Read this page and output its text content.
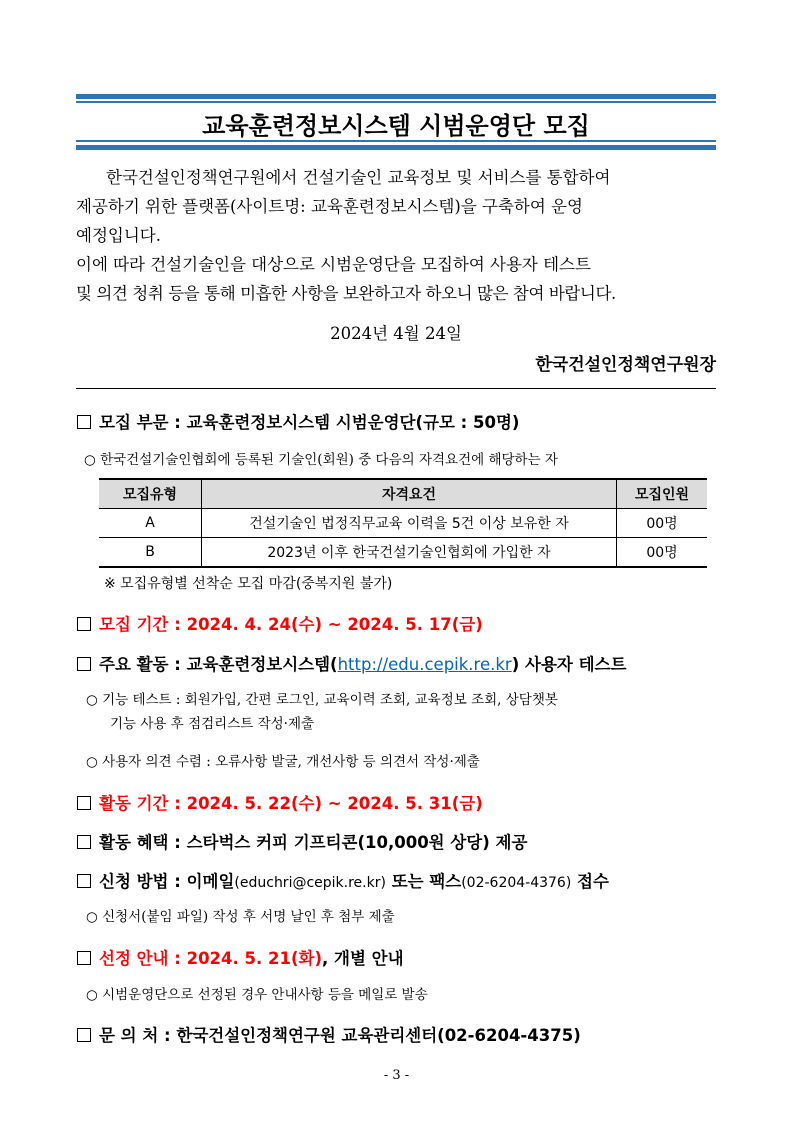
교육훈련정보시스템 시범운영단 모집

한국건설인정책연구원에서 건설기술인 교육정보 및 서비스를 통합하여

제공하기 위한 플랫폼(사이트명: 교육훈련정보시스템)을 구축하여 운영

예정입니다.

이에 따라 건설기술인을 대상으로 시범운영단을 모집하여 사용자 테스트

및 의견 청취 등을 통해 미흡한 사항을 보완하고자 하오니 많은 참여 바랍니다.

2024년 4월 24일
한국건설인정책연구원장
모집 부문 : 교육훈련정보시스템 시범운영단(규모 : 50명)
○ 한국건설기술인협회에 등록된 기술인(회원) 중 다음의 자격요건에 해당하는 자
모집유형	자격요건	모집인원
A	건설기술인 법정직무교육 이력을 5건 이상 보유한 자	00명
B	2023년 이후 한국건설기술인협회에 가입한 자	00명
※ 모집유형별 선착순 모집 마감(중복지원 불가)
모집 기간 : 2024. 4. 24(수) ~ 2024. 5. 17(금)
주요 활동 : 교육훈련정보시스템(http://edu.cepik.re.kr) 사용자 테스트
○ 기능 테스트 : 회원가입, 간편 로그인, 교육이력 조회, 교육정보 조회, 상담챗봇
기능 사용 후 점검리스트 작성·제출
○ 사용자 의견 수렴 : 오류사항 발굴, 개선사항 등 의견서 작성·제출
활동 기간 : 2024. 5. 22(수) ~ 2024. 5. 31(금)
활동 혜택 : 스타벅스 커피 기프티콘(10,000원 상당) 제공
신청 방법 : 이메일(educhri@cepik.re.kr) 또는 팩스(02-6204-4376) 접수
○ 신청서(붙임 파일) 작성 후 서명 날인 후 첨부 제출
선정 안내 : 2024. 5. 21(화), 개별 안내
○ 시범운영단으로 선정된 경우 안내사항 등을 메일로 발송
문 의 처 : 한국건설인정책연구원 교육관리센터(02-6204-4375)
- 3 -
